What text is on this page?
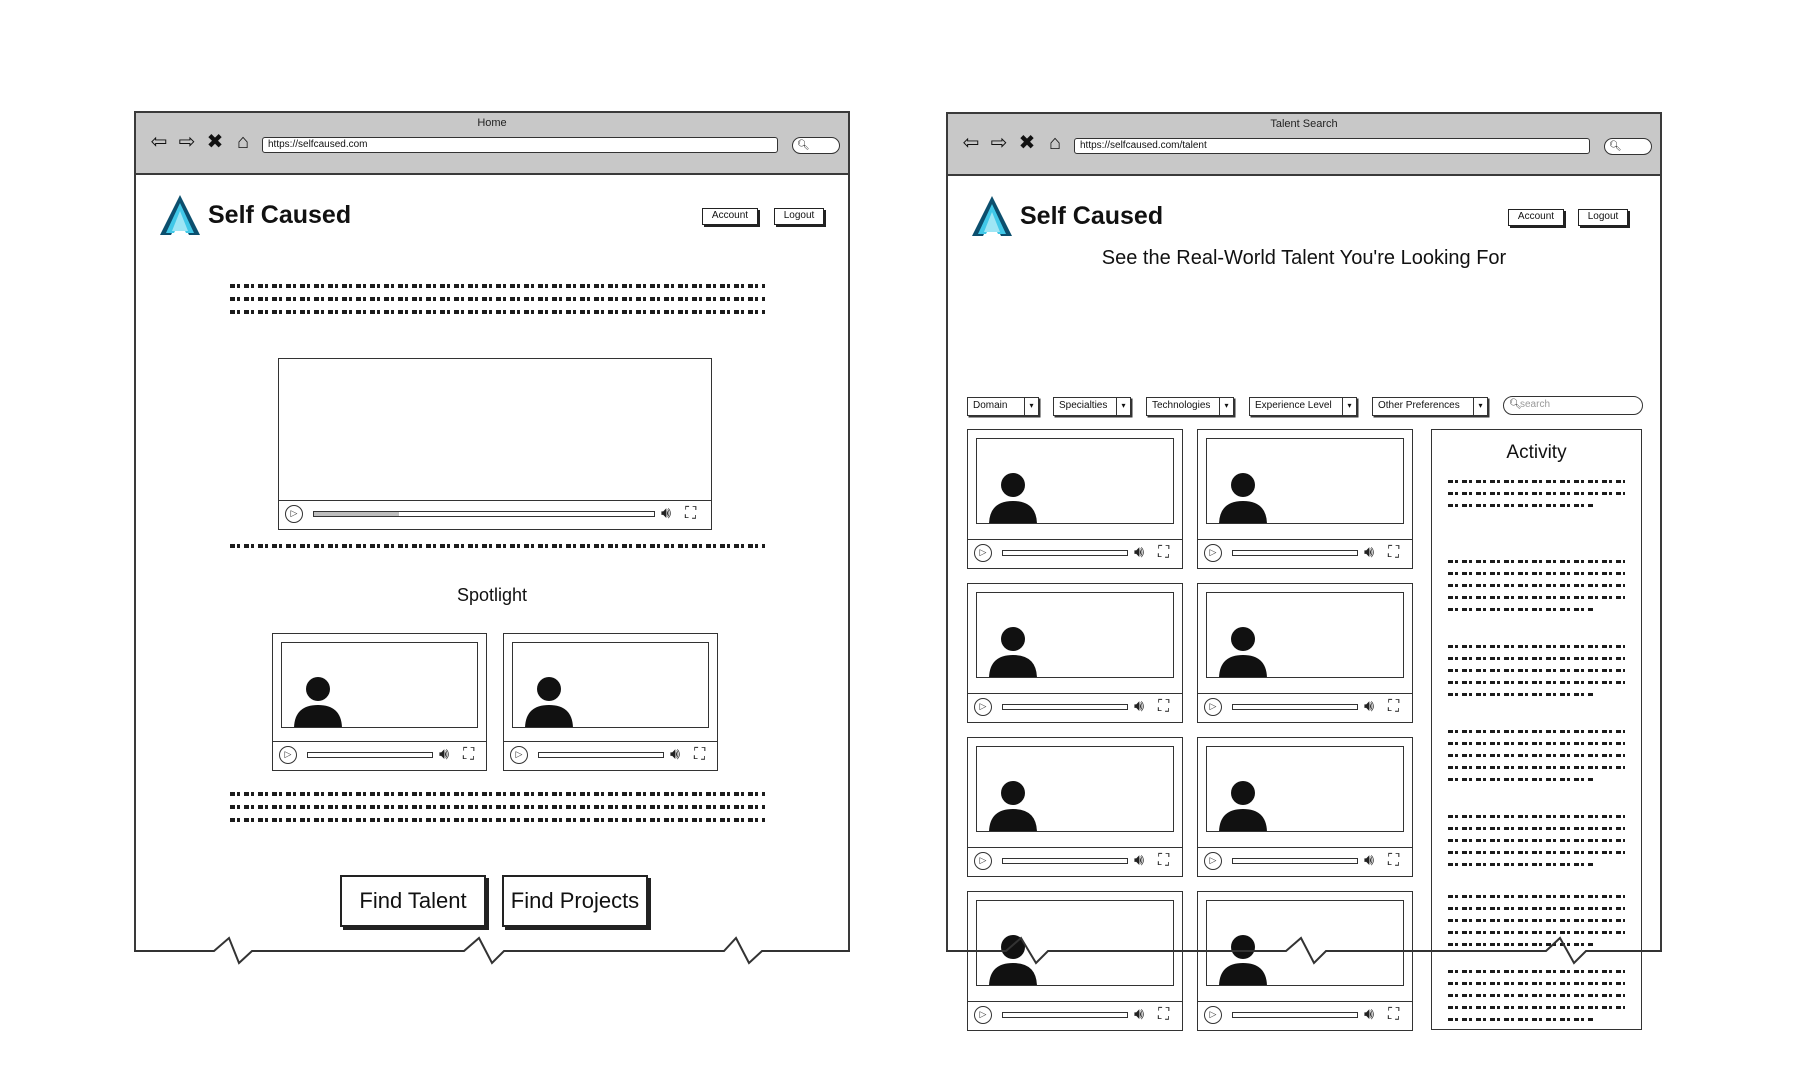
Home
⇦ ⇨ ✖ ⌂	https://selfcaused.com	🔍︎
Self Caused	Account	Logout
▷	🔊︎ ⛶
Spotlight
▷	🔊︎ ⛶	▷	🔊︎ ⛶
Find Talent	Find Projects
Talent Search
⇦ ⇨ ✖ ⌂	https://selfcaused.com/talent	🔍︎
Self Caused	Account	Logout
See the Real-World Talent You're Looking For
Domain	▾	Specialties	▾	Technologies	▾	Experience Level	▾	Other Preferences	▾	🔍︎
search
▷	🔊︎ ⛶	▷	🔊︎ ⛶
▷	🔊︎ ⛶	▷	🔊︎ ⛶
▷	🔊︎ ⛶	▷	🔊︎ ⛶
▷	🔊︎ ⛶	▷	🔊︎ ⛶
Activity
